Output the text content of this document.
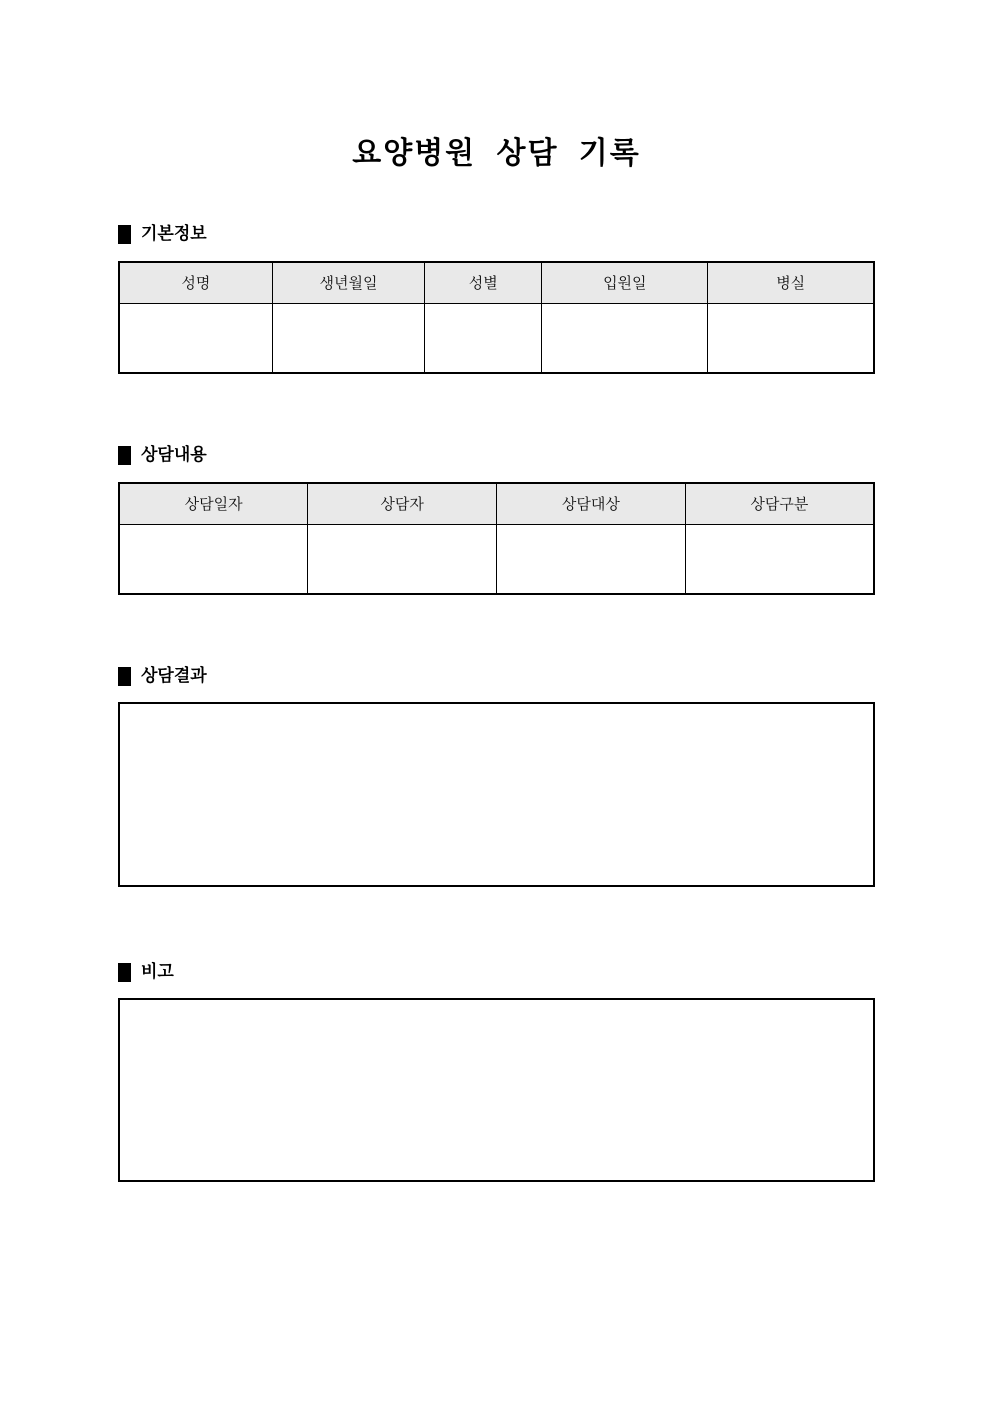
요양병원 상담 기록
기본정보
성명	생년월일	성별	입원일	병실

상담내용
상담일자	상담자	상담대상	상담구분

상담결과
비고
